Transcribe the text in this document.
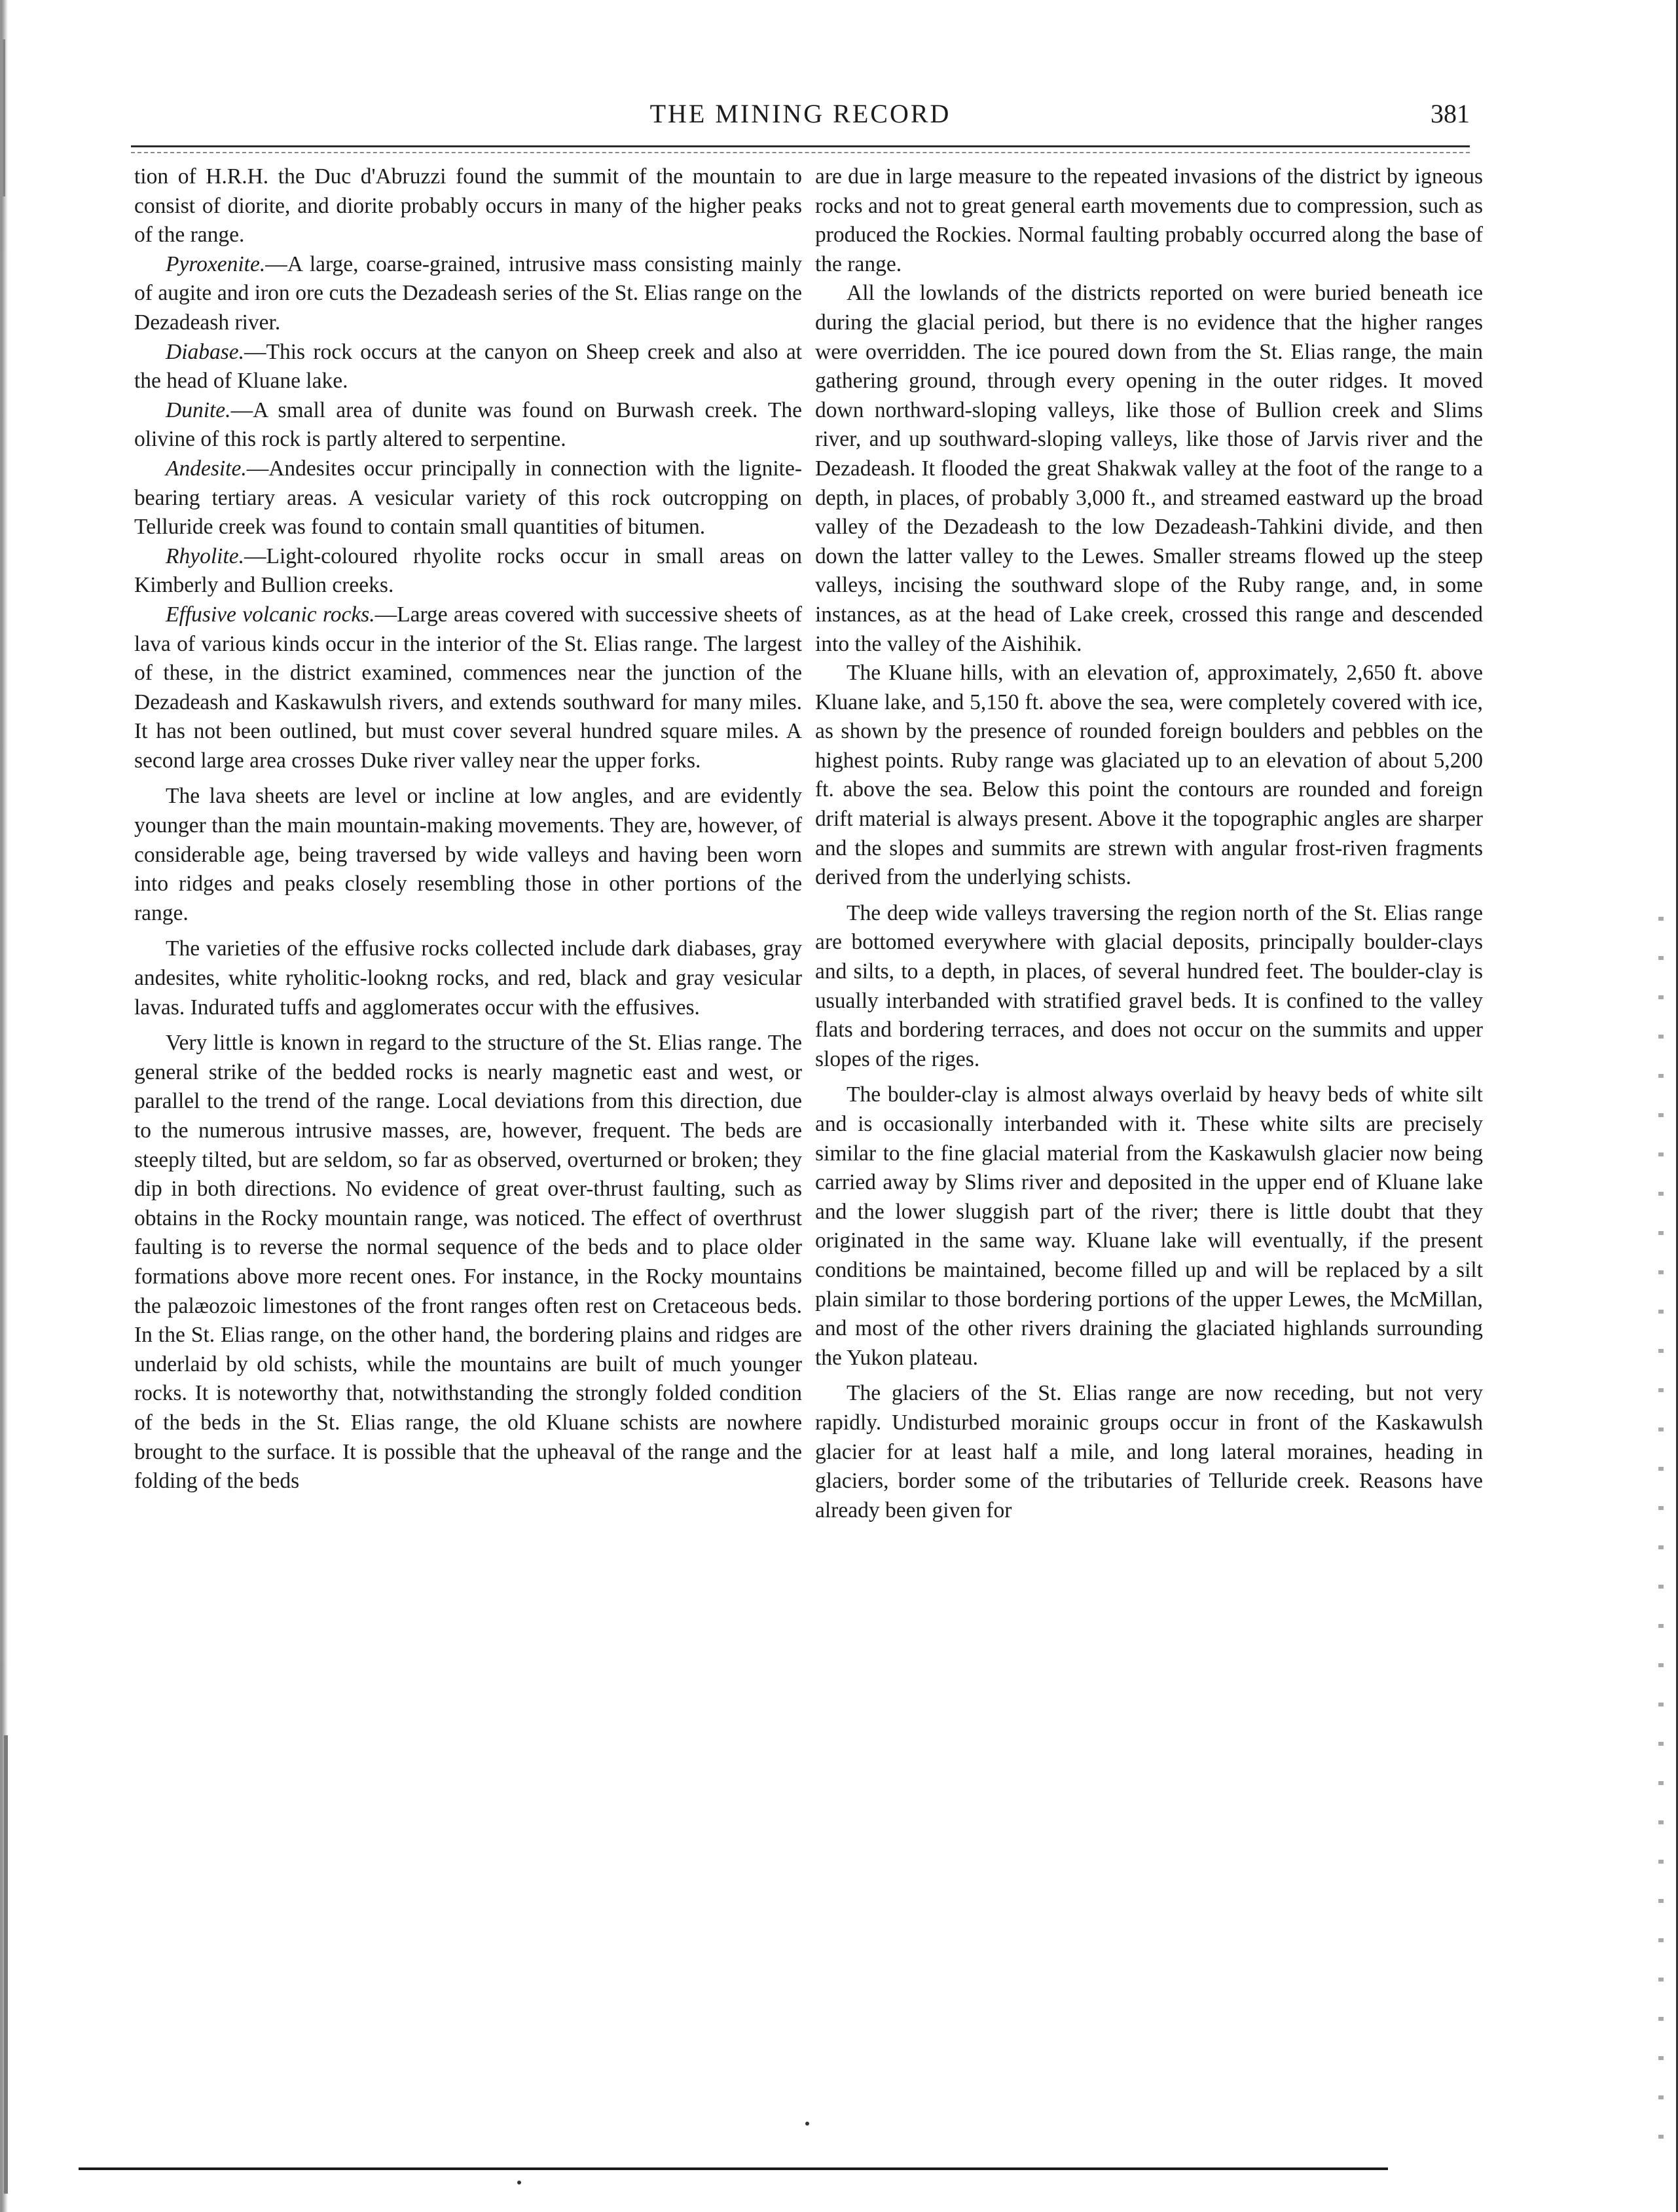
THE MINING RECORD	381

tion of H.R.H. the Duc d'Abruzzi found the summit of the mountain to consist of diorite, and diorite probably occurs in many of the higher peaks of the range.

Pyroxenite.—A large, coarse-grained, intrusive mass consisting mainly of augite and iron ore cuts the Dezadeash series of the St. Elias range on the Dezadeash river.

Diabase.—This rock occurs at the canyon on Sheep creek and also at the head of Kluane lake.

Dunite.—A small area of dunite was found on Burwash creek. The olivine of this rock is partly altered to serpentine.

Andesite.—Andesites occur principally in connection with the lignite-bearing tertiary areas. A vesicular variety of this rock outcropping on Telluride creek was found to contain small quantities of bitumen.

Rhyolite.—Light-coloured rhyolite rocks occur in small areas on Kimberly and Bullion creeks.

Effusive volcanic rocks.—Large areas covered with successive sheets of lava of various kinds occur in the interior of the St. Elias range. The largest of these, in the district examined, commences near the junction of the Dezadeash and Kaskawulsh rivers, and extends southward for many miles. It has not been outlined, but must cover several hundred square miles. A second large area crosses Duke river valley near the upper forks.

The lava sheets are level or incline at low angles, and are evidently younger than the main mountain-making movements. They are, however, of considerable age, being traversed by wide valleys and having been worn into ridges and peaks closely resembling those in other portions of the range.

The varieties of the effusive rocks collected include dark diabases, gray andesites, white ryholitic-lookng rocks, and red, black and gray vesicular lavas. Indurated tuffs and agglomerates occur with the effusives.

Very little is known in regard to the structure of the St. Elias range. The general strike of the bedded rocks is nearly magnetic east and west, or parallel to the trend of the range. Local deviations from this direction, due to the numerous intrusive masses, are, however, frequent. The beds are steeply tilted, but are seldom, so far as observed, overturned or broken; they dip in both directions. No evidence of great over-thrust faulting, such as obtains in the Rocky mountain range, was noticed. The effect of overthrust faulting is to reverse the normal sequence of the beds and to place older formations above more recent ones. For instance, in the Rocky mountains the palæozoic limestones of the front ranges often rest on Cretaceous beds. In the St. Elias range, on the other hand, the bordering plains and ridges are underlaid by old schists, while the mountains are built of much younger rocks. It is noteworthy that, notwithstanding the strongly folded condition of the beds in the St. Elias range, the old Kluane schists are nowhere brought to the surface. It is possible that the upheaval of the range and the folding of the beds

are due in large measure to the repeated invasions of the district by igneous rocks and not to great general earth movements due to compression, such as produced the Rockies. Normal faulting probably occurred along the base of the range.

All the lowlands of the districts reported on were buried beneath ice during the glacial period, but there is no evidence that the higher ranges were overridden. The ice poured down from the St. Elias range, the main gathering ground, through every opening in the outer ridges. It moved down northward-sloping valleys, like those of Bullion creek and Slims river, and up southward-sloping valleys, like those of Jarvis river and the Dezadeash. It flooded the great Shakwak valley at the foot of the range to a depth, in places, of probably 3,000 ft., and streamed eastward up the broad valley of the Dezadeash to the low Dezadeash-Tahkini divide, and then down the latter valley to the Lewes. Smaller streams flowed up the steep valleys, incising the southward slope of the Ruby range, and, in some instances, as at the head of Lake creek, crossed this range and descended into the valley of the Aishihik.

The Kluane hills, with an elevation of, approximately, 2,650 ft. above Kluane lake, and 5,150 ft. above the sea, were completely covered with ice, as shown by the presence of rounded foreign boulders and pebbles on the highest points. Ruby range was glaciated up to an elevation of about 5,200 ft. above the sea. Below this point the contours are rounded and foreign drift material is always present. Above it the topographic angles are sharper and the slopes and summits are strewn with angular frost-riven fragments derived from the underlying schists.

The deep wide valleys traversing the region north of the St. Elias range are bottomed everywhere with glacial deposits, principally boulder-clays and silts, to a depth, in places, of several hundred feet. The boulder-clay is usually interbanded with stratified gravel beds. It is confined to the valley flats and bordering terraces, and does not occur on the summits and upper slopes of the riges.

The boulder-clay is almost always overlaid by heavy beds of white silt and is occasionally interbanded with it. These white silts are precisely similar to the fine glacial material from the Kaskawulsh glacier now being carried away by Slims river and deposited in the upper end of Kluane lake and the lower sluggish part of the river; there is little doubt that they originated in the same way. Kluane lake will eventually, if the present conditions be maintained, become filled up and will be replaced by a silt plain similar to those bordering portions of the upper Lewes, the McMillan, and most of the other rivers draining the glaciated highlands surrounding the Yukon plateau.

The glaciers of the St. Elias range are now receding, but not very rapidly. Undisturbed morainic groups occur in front of the Kaskawulsh glacier for at least half a mile, and long lateral moraines, heading in glaciers, border some of the tributaries of Telluride creek. Reasons have already been given for
